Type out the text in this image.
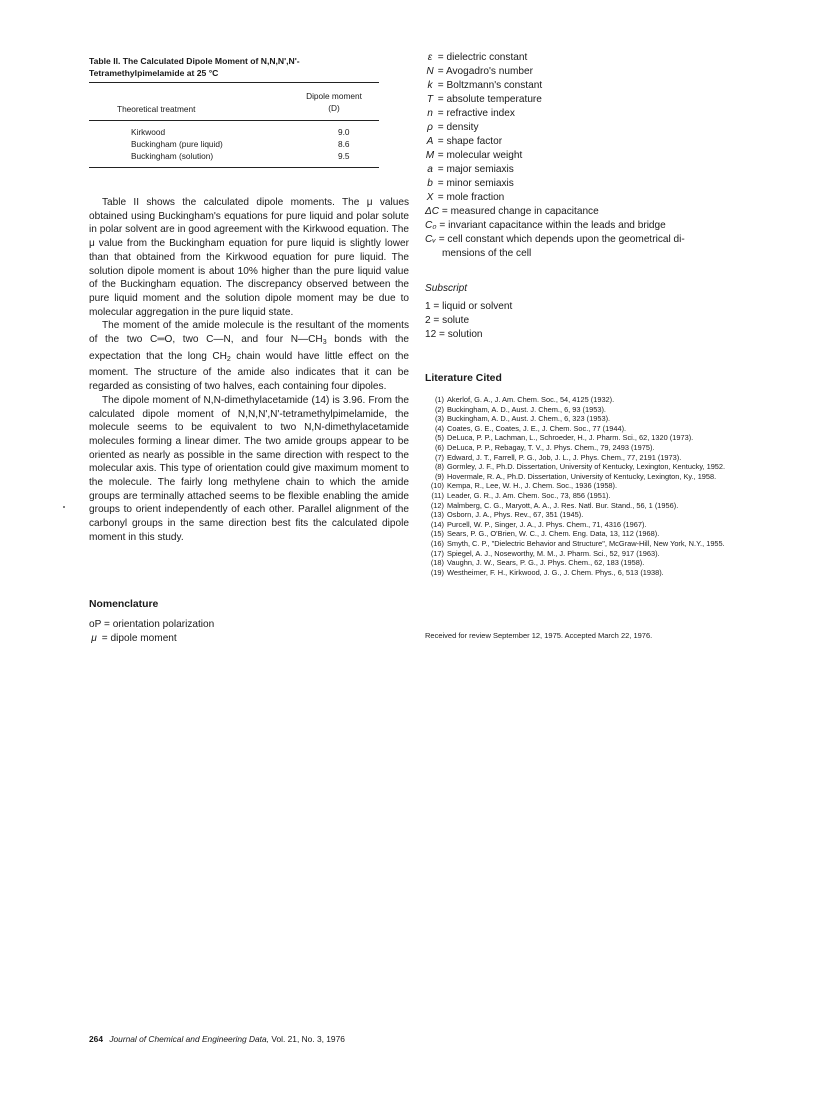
Table II. The Calculated Dipole Moment of N,N,N',N'-
Tetramethylpimelamide at 25 °C
Dipole moment
(D)
Theoretical treatment
Kirkwood	9.0
Buckingham (pure liquid)	8.6
Buckingham (solution)	9.5

Table II shows the calculated dipole moments. The μ values obtained using Buckingham's equations for pure liquid and polar solute in polar solvent are in good agreement with the Kirkwood equation. The μ value from the Buckingham equation for pure liquid is slightly lower than that obtained from the Kirkwood equation for pure liquid. The solution dipole moment is about 10% higher than the pure liquid value of the Buckingham equation. The discrepancy observed between the pure liquid moment and the solution dipole moment may be due to molecular aggregation in the pure liquid state.

The moment of the amide molecule is the resultant of the moments of the two C═O, two C—N, and four $N—CH_3$ bonds with the expectation that the long $CH_2$ chain would have little effect on the moment. The structure of the amide also indicates that it can be regarded as consisting of two halves, each containing four dipoles.

The dipole moment of N,N-dimethylacetamide (14) is 3.96. From the calculated dipole moment of N,N,N',N'-tetramethylpimelamide, the molecule seems to be equivalent to two N,N-dimethylacetamide molecules forming a linear dimer. The two amide groups appear to be oriented as nearly as possible in the same direction with respect to the molecular axis. This type of orientation could give maximum moment to the molecule. The fairly long methylene chain to which the amide groups are terminally attached seems to be flexible enabling the amide groups to orient independently of each other. Parallel alignment of the carbonyl groups in the same direction best fits the calculated dipole moment in this study.

Nomenclature
oP = orientation polarization
μ = dipole moment
ε = dielectric constant
N = Avogadro's number
k = Boltzmann's constant
T = absolute temperature
n = refractive index
ρ = density
A = shape factor
M = molecular weight
a = major semiaxis
b = minor semiaxis
X = mole fraction
ΔC = measured change in capacitance
C₀ = invariant capacitance within the leads and bridge
Cᵥ = cell constant which depends upon the geometrical di-
mensions of the cell
Subscript
1 = liquid or solvent
2 = solute
12 = solution
Literature Cited
(1) Akerlof, G. A., J. Am. Chem. Soc., 54, 4125 (1932).
(2) Buckingham, A. D., Aust. J. Chem., 6, 93 (1953).
(3) Buckingham, A. D., Aust. J. Chem., 6, 323 (1953).
(4) Coates, G. E., Coates, J. E., J. Chem. Soc., 77 (1944).
(5) DeLuca, P. P., Lachman, L., Schroeder, H., J. Pharm. Sci., 62, 1320 (1973).
(6) DeLuca, P. P., Rebagay, T. V., J. Phys. Chem., 79, 2493 (1975).
(7) Edward, J. T., Farrell, P. G., Job, J. L., J. Phys. Chem., 77, 2191 (1973).
(8) Gormley, J. F., Ph.D. Dissertation, University of Kentucky, Lexington, Kentucky, 1952.
(9) Hovermale, R. A., Ph.D. Dissertation, University of Kentucky, Lexington, Ky., 1958.
(10) Kempa, R., Lee, W. H., J. Chem. Soc., 1936 (1958).
(11) Leader, G. R., J. Am. Chem. Soc., 73, 856 (1951).
(12) Malmberg, C. G., Maryott, A. A., J. Res. Natl. Bur. Stand., 56, 1 (1956).
(13) Osborn, J. A., Phys. Rev., 67, 351 (1945).
(14) Purcell, W. P., Singer, J. A., J. Phys. Chem., 71, 4316 (1967).
(15) Sears, P. G., O'Brien, W. C., J. Chem. Eng. Data, 13, 112 (1968).
(16) Smyth, C. P., "Dielectric Behavior and Structure", McGraw-Hill, New York, N.Y., 1955.
(17) Spiegel, A. J., Noseworthy, M. M., J. Pharm. Sci., 52, 917 (1963).
(18) Vaughn, J. W., Sears, P. G., J. Phys. Chem., 62, 183 (1958).
(19) Westheimer, F. H., Kirkwood, J. G., J. Chem. Phys., 6, 513 (1938).
Received for review September 12, 1975. Accepted March 22, 1976.
264 Journal of Chemical and Engineering Data, Vol. 21, No. 3, 1976
